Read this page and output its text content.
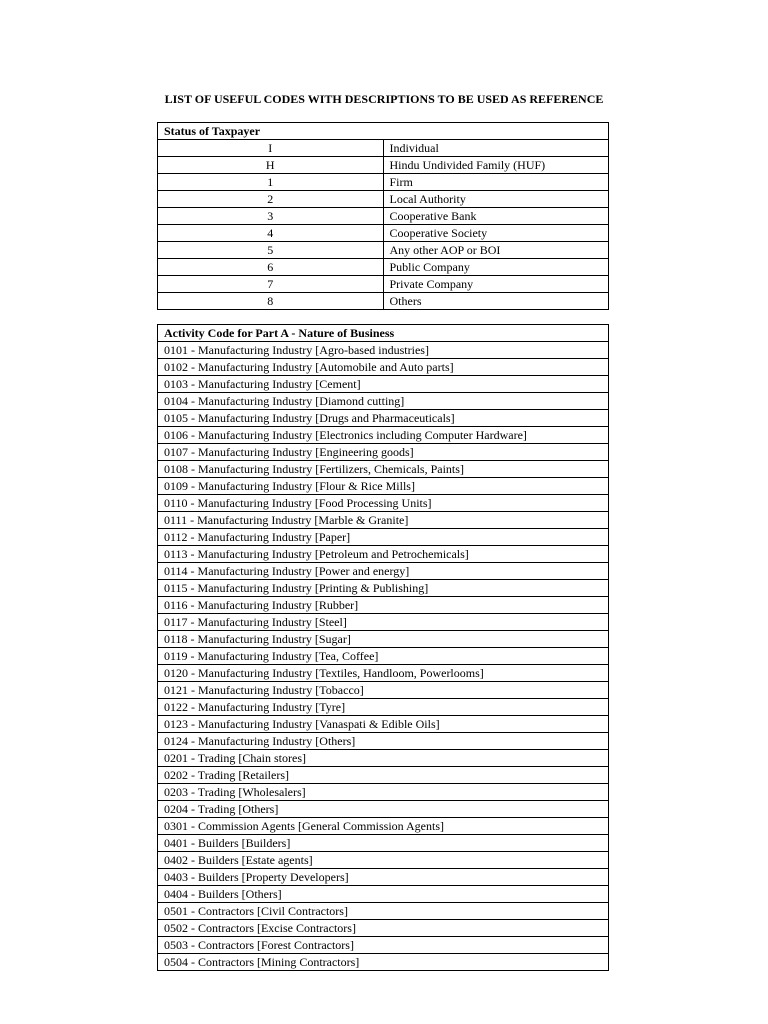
LIST OF USEFUL CODES WITH DESCRIPTIONS TO BE USED AS REFERENCE
Status of Taxpayer	
I	Individual
H	Hindu Undivided Family (HUF)
1	Firm
2	Local Authority
3	Cooperative Bank
4	Cooperative Society
5	Any other AOP or BOI
6	Public Company
7	Private Company
8	Others
Activity Code for Part A - Nature of Business
0101 - Manufacturing Industry [Agro-based industries]
0102 - Manufacturing Industry [Automobile and Auto parts]
0103 - Manufacturing Industry [Cement]
0104 - Manufacturing Industry [Diamond cutting]
0105 - Manufacturing Industry [Drugs and Pharmaceuticals]
0106 - Manufacturing Industry [Electronics including Computer Hardware]
0107 - Manufacturing Industry [Engineering goods]
0108 - Manufacturing Industry [Fertilizers, Chemicals, Paints]
0109 - Manufacturing Industry [Flour & Rice Mills]
0110 - Manufacturing Industry [Food Processing Units]
0111 - Manufacturing Industry [Marble & Granite]
0112 - Manufacturing Industry [Paper]
0113 - Manufacturing Industry [Petroleum and Petrochemicals]
0114 - Manufacturing Industry [Power and energy]
0115 - Manufacturing Industry [Printing & Publishing]
0116 - Manufacturing Industry [Rubber]
0117 - Manufacturing Industry [Steel]
0118 - Manufacturing Industry [Sugar]
0119 - Manufacturing Industry [Tea, Coffee]
0120 - Manufacturing Industry [Textiles, Handloom, Powerlooms]
0121 - Manufacturing Industry [Tobacco]
0122 - Manufacturing Industry [Tyre]
0123 - Manufacturing Industry [Vanaspati & Edible Oils]
0124 - Manufacturing Industry [Others]
0201 - Trading [Chain stores]
0202 - Trading [Retailers]
0203 - Trading [Wholesalers]
0204 - Trading [Others]
0301 - Commission Agents [General Commission Agents]
0401 - Builders [Builders]
0402 - Builders [Estate agents]
0403 - Builders [Property Developers]
0404 - Builders [Others]
0501 - Contractors [Civil Contractors]
0502 - Contractors [Excise Contractors]
0503 - Contractors [Forest Contractors]
0504 - Contractors [Mining Contractors]
